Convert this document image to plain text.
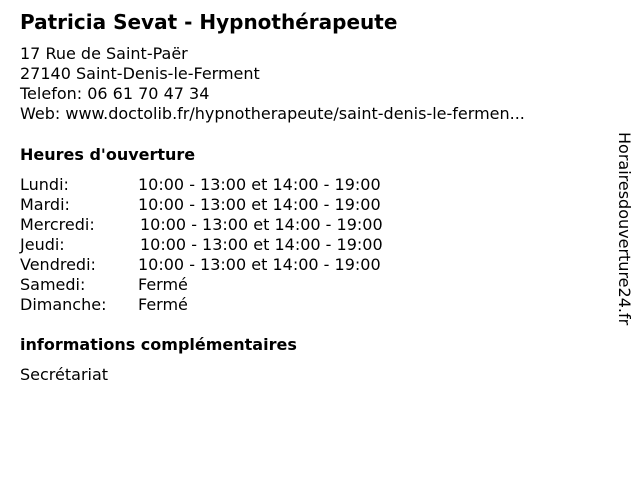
Patricia Sevat - Hypnothérapeute
17 Rue de Saint-Paër
27140 Saint-Denis-le-Ferment
Telefon: 06 61 70 47 34
Web: www.doctolib.fr/hypnotherapeute/saint-denis-le-fermen...
Heures d'ouverture
Lundi:	10:00 - 13:00 et 14:00 - 19:00
Mardi:	10:00 - 13:00 et 14:00 - 19:00
Mercredi:	10:00 - 13:00 et 14:00 - 19:00
Jeudi:	10:00 - 13:00 et 14:00 - 19:00
Vendredi:	10:00 - 13:00 et 14:00 - 19:00
Samedi:	Fermé
Dimanche: Fermé
informations complémentaires
Secrétariat
Horairesdouverture24.fr
